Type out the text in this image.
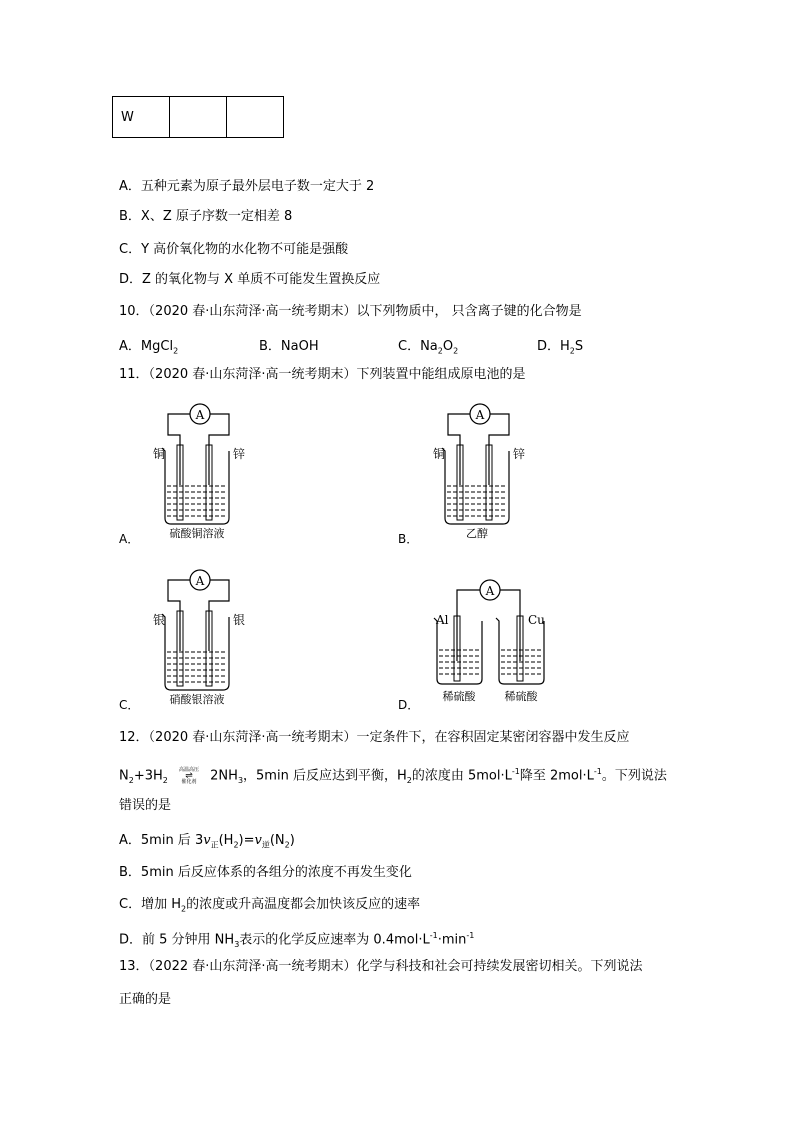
W		
A．五种元素为原子最外层电子数一定大于 2
B．X、Z 原子序数一定相差 8
C．Y 高价氧化物的水化物不可能是强酸
D．Z 的氧化物与 X 单质不可能发生置换反应
10．（2020 春·山东菏泽·高一统考期末）以下列物质中， 只含离子键的化合物是
A．MgCl$_2$	B．NaOH	C．$Na_2O_2$	D．$H_2S$
11．（2020 春·山东菏泽·高一统考期末）下列装置中能组成原电池的是
A
铜	锌
硫酸铜溶液
A．
A
铜	锌
乙醇
B．
A
银	银
硝酸银溶液
C．
A
Al	Cu
稀硫酸	稀硫酸
D．
12．（2020 春·山东菏泽·高一统考期末）一定条件下，在容积固定某密闭容器中发生反应
$N_2+3H_2$
高温高压
⇌
催化剂	$2NH_3$，5min 后反应达到平衡，$H_2$的浓度由 $5mol\cdot L^{-1}$降至 $2mol\cdot L^{-1}$。下列说法
错误的是
A．5min 后 $3v_正(H_2)=v_逆(N_2)$
B．5min 后反应体系的各组分的浓度不再发生变化
C．增加 $H_2$的浓度或升高温度都会加快该反应的速率
D．前 5 分钟用 $NH_3$表示的化学反应速率为 $0.4mol\cdot L^{-1}\cdot\min^{-1}$
13．（2022 春·山东菏泽·高一统考期末）化学与科技和社会可持续发展密切相关。下列说法
正确的是
